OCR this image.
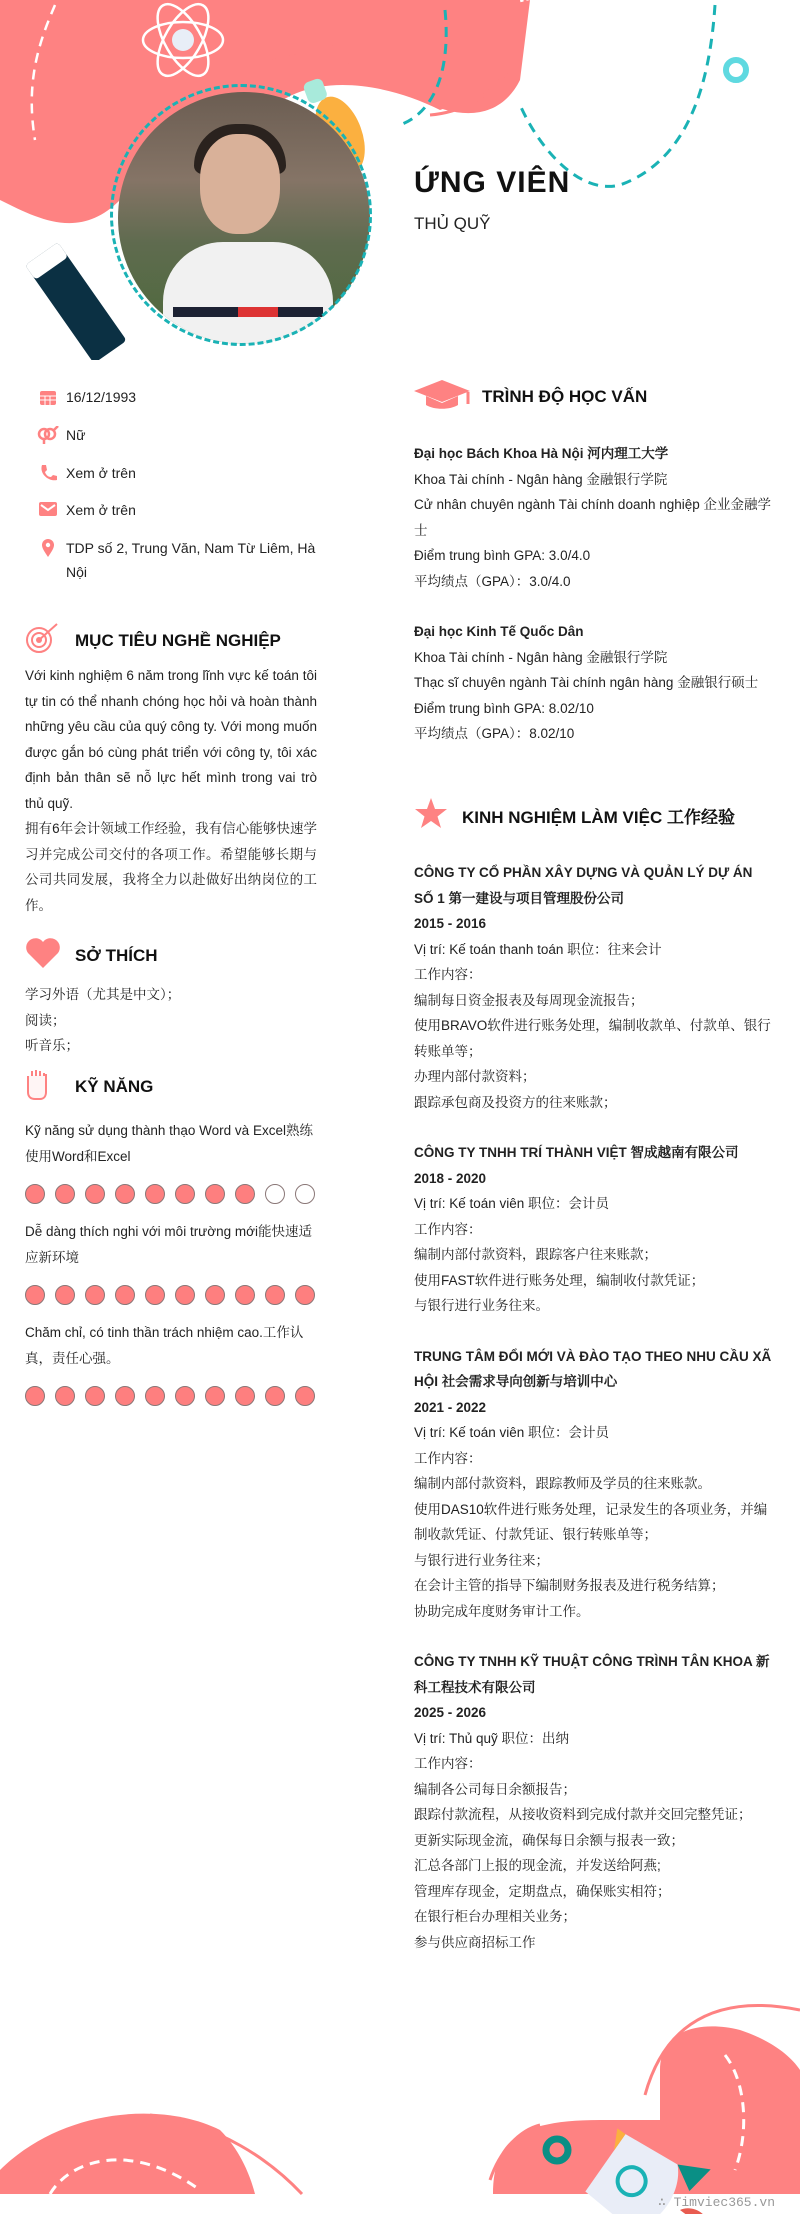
ỨNG VIÊN
THỦ QUỸ
16/12/1993
Nữ
Xem ở trên
Xem ở trên
TDP số 2, Trung Văn, Nam Từ Liêm, Hà Nội
MỤC TIÊU NGHỀ NGHIỆP
Với kinh nghiệm 6 năm trong lĩnh vực kế toán tôi tự tin có thể nhanh chóng học hỏi và hoàn thành những yêu cầu của quý công ty. Với mong muốn được gắn bó cùng phát triển với công ty, tôi xác định bản thân sẽ nỗ lực hết mình trong vai trò thủ quỹ.
拥有6年会计领域工作经验，我有信心能够快速学习并完成公司交付的各项工作。希望能够长期与公司共同发展，我将全力以赴做好出纳岗位的工作。
SỞ THÍCH
学习外语（尤其是中文）；
阅读；
听音乐；
KỸ NĂNG
Kỹ năng sử dụng thành thạo Word và Excel熟练使用Word和Excel
Dễ dàng thích nghi với môi trường mới能快速适应新环境
Chăm chỉ, có tinh thần trách nhiệm cao.工作认真，责任心强。
TRÌNH ĐỘ HỌC VẤN
Đại học Bách Khoa Hà Nội 河内理工大学
Khoa Tài chính - Ngân hàng 金融银行学院
Cử nhân chuyên ngành Tài chính doanh nghiệp 企业金融学士
Điểm trung bình GPA: 3.0/4.0
平均绩点（GPA）：3.0/4.0
Đại học Kinh Tế Quốc Dân
Khoa Tài chính - Ngân hàng 金融银行学院
Thạc sĩ chuyên ngành Tài chính ngân hàng 金融银行硕士
Điểm trung bình GPA: 8.02/10
平均绩点（GPA）：8.02/10
KINH NGHIỆM LÀM VIỆC 工作经验
CÔNG TY CỔ PHẦN XÂY DỰNG VÀ QUẢN LÝ DỰ ÁN SỐ 1 第一建设与项目管理股份公司
2015 - 2016
Vị trí: Kế toán thanh toán 职位：往来会计
工作内容：
编制每日资金报表及每周现金流报告；
使用BRAVO软件进行账务处理，编制收款单、付款单、银行转账单等；
办理内部付款资料；
跟踪承包商及投资方的往来账款；
CÔNG TY TNHH TRÍ THÀNH VIỆT 智成越南有限公司
2018 - 2020
Vị trí: Kế toán viên 职位：会计员
工作内容：
编制内部付款资料，跟踪客户往来账款；
使用FAST软件进行账务处理，编制收付款凭证；
与银行进行业务往来。
TRUNG TÂM ĐỔI MỚI VÀ ĐÀO TẠO THEO NHU CẦU XÃ HỘI 社会需求导向创新与培训中心
2021 - 2022
Vị trí: Kế toán viên 职位：会计员
工作内容：
编制内部付款资料，跟踪教师及学员的往来账款。
使用DAS10软件进行账务处理，记录发生的各项业务，并编制收款凭证、付款凭证、银行转账单等；
与银行进行业务往来；
在会计主管的指导下编制财务报表及进行税务结算；
协助完成年度财务审计工作。
CÔNG TY TNHH KỸ THUẬT CÔNG TRÌNH TÂN KHOA 新科工程技术有限公司
2025 - 2026
Vị trí: Thủ quỹ 职位：出纳
工作内容：
编制各公司每日余额报告；
跟踪付款流程，从接收资料到完成付款并交回完整凭证；
更新实际现金流，确保每日余额与报表一致；
汇总各部门上报的现金流，并发送给阿燕;
管理库存现金，定期盘点，确保账实相符；
在银行柜台办理相关业务；
参与供应商招标工作
∴ Timviec365.vn
